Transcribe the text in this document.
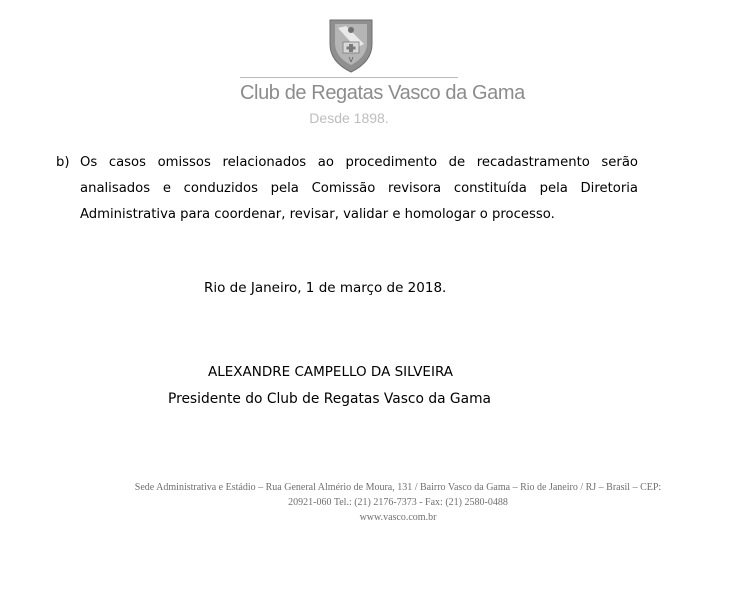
V
Club de Regatas Vasco da Gama
Desde 1898.
b) Os casos omissos relacionados ao procedimento de recadastramento serão analisados e conduzidos pela Comissão revisora constituída pela Diretoria Administrativa para coordenar, revisar, validar e homologar o processo.
Rio de Janeiro, 1 de março de 2018.
ALEXANDRE CAMPELLO DA SILVEIRA
Presidente do Club de Regatas Vasco da Gama
Sede Administrativa e Estádio – Rua General Almério de Moura, 131 / Bairro Vasco da Gama – Rio de Janeiro / RJ – Brasil – CEP:
20921-060 Tel.: (21) 2176-7373 - Fax: (21) 2580-0488
www.vasco.com.br
